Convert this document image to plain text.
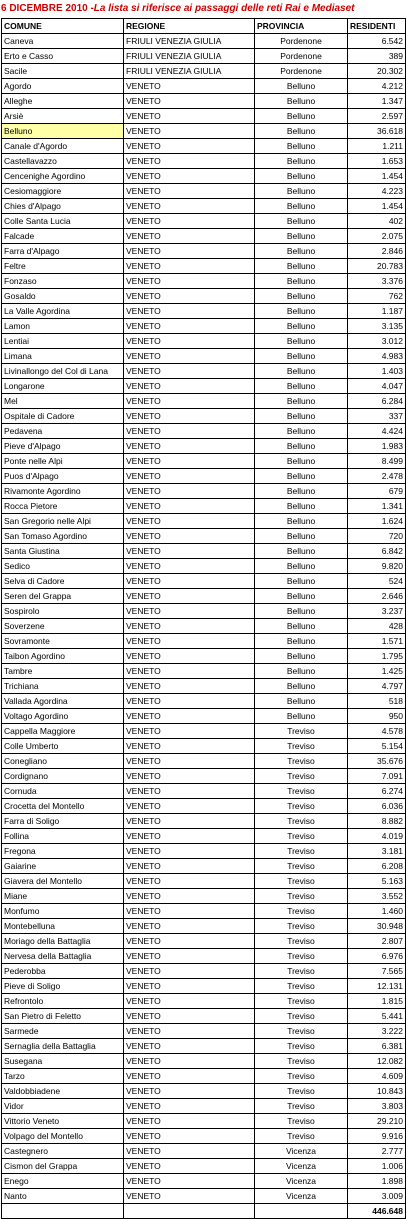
6 DICEMBRE 2010 -La lista si riferisce ai passaggi delle reti Rai e Mediaset
COMUNE	REGIONE	PROVINCIA	RESIDENTI
Caneva	FRIULI VENEZIA GIULIA	Pordenone	6.542
Erto e Casso	FRIULI VENEZIA GIULIA	Pordenone	389
Sacile	FRIULI VENEZIA GIULIA	Pordenone	20.302
Agordo	VENETO	Belluno	4.212
Alleghe	VENETO	Belluno	1.347
Arsiè	VENETO	Belluno	2.597
Belluno	VENETO	Belluno	36.618
Canale d'Agordo	VENETO	Belluno	1.211
Castellavazzo	VENETO	Belluno	1.653
Cencenighe Agordino	VENETO	Belluno	1.454
Cesiomaggiore	VENETO	Belluno	4.223
Chies d'Alpago	VENETO	Belluno	1.454
Colle Santa Lucia	VENETO	Belluno	402
Falcade	VENETO	Belluno	2.075
Farra d'Alpago	VENETO	Belluno	2.846
Feltre	VENETO	Belluno	20.783
Fonzaso	VENETO	Belluno	3.376
Gosaldo	VENETO	Belluno	762
La Valle Agordina	VENETO	Belluno	1.187
Lamon	VENETO	Belluno	3.135
Lentiai	VENETO	Belluno	3.012
Limana	VENETO	Belluno	4.983
Livinallongo del Col di Lana	VENETO	Belluno	1.403
Longarone	VENETO	Belluno	4.047
Mel	VENETO	Belluno	6.284
Ospitale di Cadore	VENETO	Belluno	337
Pedavena	VENETO	Belluno	4.424
Pieve d'Alpago	VENETO	Belluno	1.983
Ponte nelle Alpi	VENETO	Belluno	8.499
Puos d'Alpago	VENETO	Belluno	2.478
Rivamonte Agordino	VENETO	Belluno	679
Rocca Pietore	VENETO	Belluno	1.341
San Gregorio nelle Alpi	VENETO	Belluno	1.624
San Tomaso Agordino	VENETO	Belluno	720
Santa Giustina	VENETO	Belluno	6.842
Sedico	VENETO	Belluno	9.820
Selva di Cadore	VENETO	Belluno	524
Seren del Grappa	VENETO	Belluno	2.646
Sospirolo	VENETO	Belluno	3.237
Soverzene	VENETO	Belluno	428
Sovramonte	VENETO	Belluno	1.571
Taibon Agordino	VENETO	Belluno	1.795
Tambre	VENETO	Belluno	1.425
Trichiana	VENETO	Belluno	4.797
Vallada Agordina	VENETO	Belluno	518
Voltago Agordino	VENETO	Belluno	950
Cappella Maggiore	VENETO	Treviso	4.578
Colle Umberto	VENETO	Treviso	5.154
Conegliano	VENETO	Treviso	35.676
Cordignano	VENETO	Treviso	7.091
Cornuda	VENETO	Treviso	6.274
Crocetta del Montello	VENETO	Treviso	6.036
Farra di Soligo	VENETO	Treviso	8.882
Follina	VENETO	Treviso	4.019
Fregona	VENETO	Treviso	3.181
Gaiarine	VENETO	Treviso	6.208
Giavera del Montello	VENETO	Treviso	5.163
Miane	VENETO	Treviso	3.552
Monfumo	VENETO	Treviso	1.460
Montebelluna	VENETO	Treviso	30.948
Moriago della Battaglia	VENETO	Treviso	2.807
Nervesa della Battaglia	VENETO	Treviso	6.976
Pederobba	VENETO	Treviso	7.565
Pieve di Soligo	VENETO	Treviso	12.131
Refrontolo	VENETO	Treviso	1.815
San Pietro di Feletto	VENETO	Treviso	5.441
Sarmede	VENETO	Treviso	3.222
Sernaglia della Battaglia	VENETO	Treviso	6.381
Susegana	VENETO	Treviso	12.082
Tarzo	VENETO	Treviso	4.609
Valdobbiadene	VENETO	Treviso	10.843
Vidor	VENETO	Treviso	3.803
Vittorio Veneto	VENETO	Treviso	29.210
Volpago del Montello	VENETO	Treviso	9.916
Castegnero	VENETO	Vicenza	2.777
Cismon del Grappa	VENETO	Vicenza	1.006
Enego	VENETO	Vicenza	1.898
Nanto	VENETO	Vicenza	3.009
			446.648
